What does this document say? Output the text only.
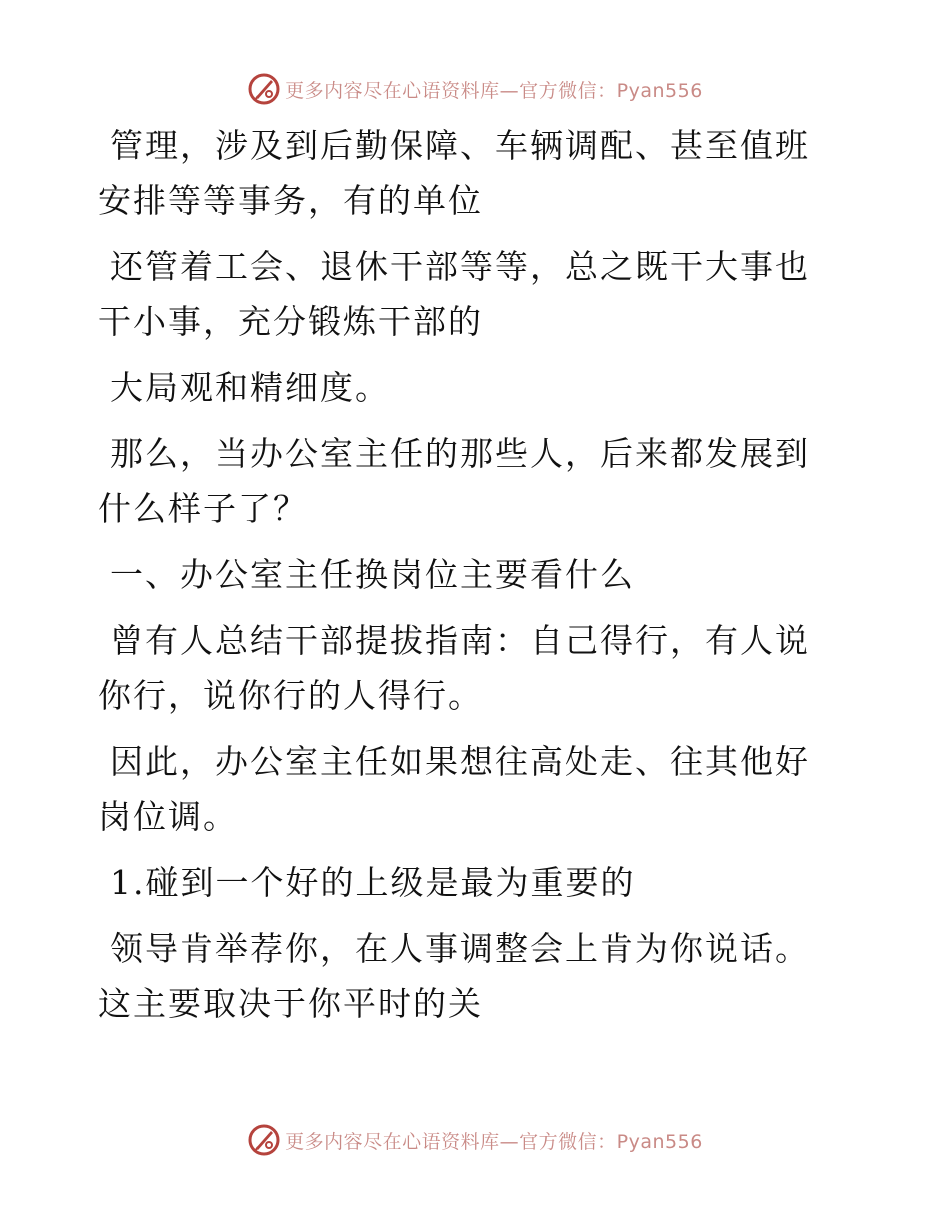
更多内容尽在心语资料库—官方微信：Pyan556

管理，涉及到后勤保障、车辆调配、甚至值班安排等等事务，有的单位

还管着工会、退休干部等等，总之既干大事也干小事，充分锻炼干部的

大局观和精细度。

那么，当办公室主任的那些人，后来都发展到什么样子了？

一、办公室主任换岗位主要看什么

曾有人总结干部提拔指南：自己得行，有人说你行，说你行的人得行。

因此，办公室主任如果想往高处走、往其他好岗位调。

1.碰到一个好的上级是最为重要的

领导肯举荐你，在人事调整会上肯为你说话。这主要取决于你平时的关

更多内容尽在心语资料库—官方微信：Pyan556
